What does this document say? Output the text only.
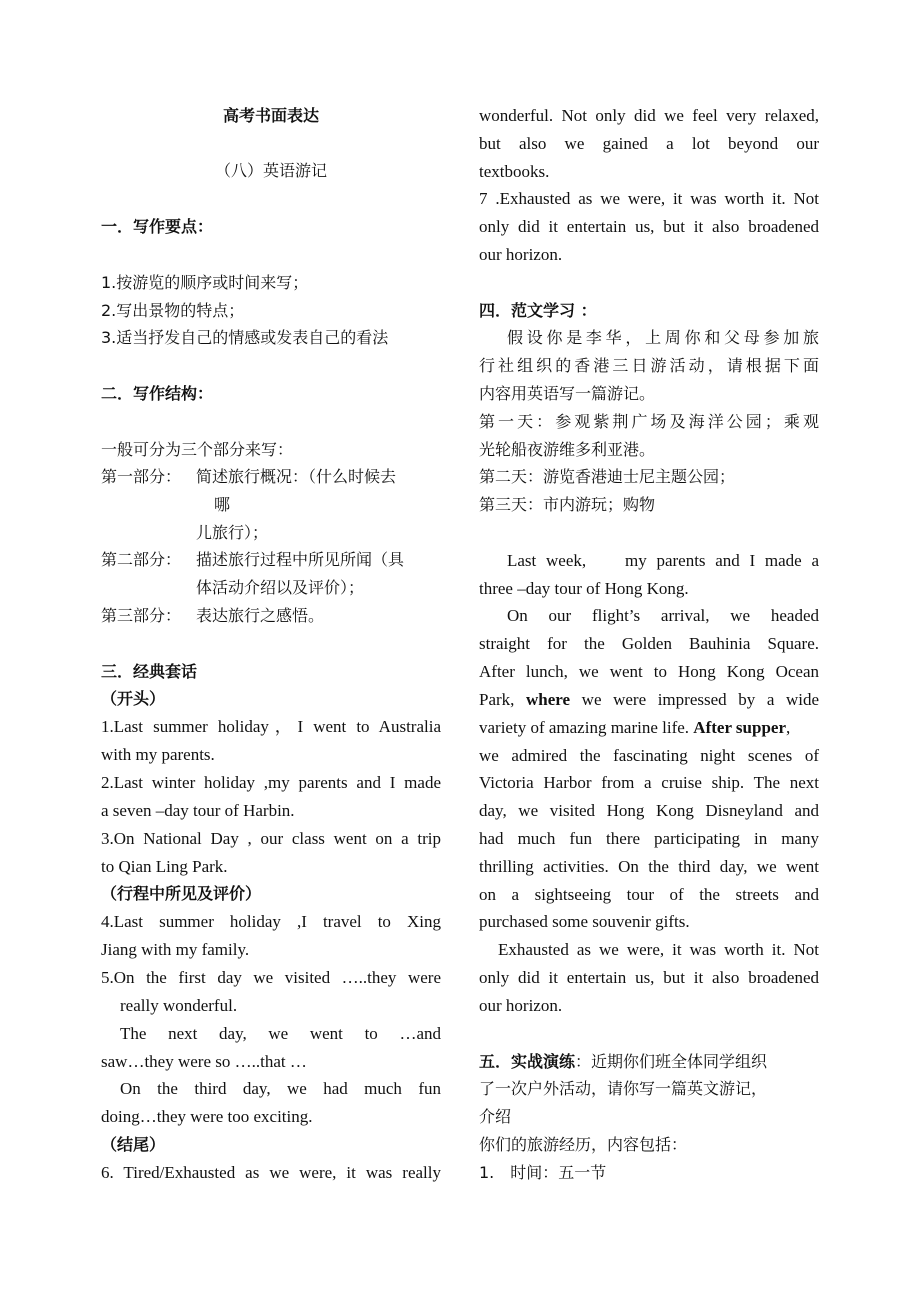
高考书面表达
（八）英语游记
一．写作要点：
1.按游览的顺序或时间来写；
2.写出景物的特点；
3.适当抒发自己的情感或发表自己的看法
二．写作结构：
一般可分为三个部分来写：
第一部分： 简述旅行概况：（什么时候去
哪
儿旅行）；
第二部分： 描述旅行过程中所见所闻（具
体活动介绍以及评价）；
第三部分： 表达旅行之感悟。
三．经典套话
（开头）
1.Last summer holiday，I went to Australia
with my parents.
2.Last winter holiday ,my parents and I made
a seven –day tour of Harbin.
3.On National Day , our class went on a trip
to Qian Ling Park.
（行程中所见及评价）
4.Last summer holiday ,I travel to Xing
Jiang with my family.
5.On the first day we visited …..they were
really wonderful.
The next day, we went to …and
saw…they were so …..that …
On the third day, we had much fun
doing…they were too exciting.
（结尾）
6. Tired/Exhausted as we were, it was really
wonderful. Not only did we feel very relaxed,
but also we gained a lot beyond our
textbooks.
7 .Exhausted as we were, it was worth it. Not
only did it entertain us, but it also broadened
our horizon.
四．范文学习 ：
假设你是李华，上周你和父母参加旅
行社组织的香港三日游活动，请根据下面
内容用英语写一篇游记。
第一天：参观紫荆广场及海洋公园；乘观
光轮船夜游维多利亚港。
第二天：游览香港迪士尼主题公园；
第三天：市内游玩；购物
Last week,    my parents and I made a
three –day tour of Hong Kong.
On our flight’s arrival, we headed
straight for the Golden Bauhinia Square.
After lunch, we went to Hong Kong Ocean
Park, where we were impressed by a wide
variety of amazing marine life. After supper,
we admired the fascinating night scenes of
Victoria Harbor from a cruise ship. The next
day, we visited Hong Kong Disneyland and
had much fun there participating in many
thrilling activities. On the third day, we went
on a sightseeing tour of the streets and
purchased some souvenir gifts.
Exhausted as we were, it was worth it. Not
only did it entertain us, but it also broadened
our horizon.
五．实战演练：近期你们班全体同学组织
了一次户外活动，请你写一篇英文游记，
介绍
你们的旅游经历，内容包括：
1.　时间：五一节
